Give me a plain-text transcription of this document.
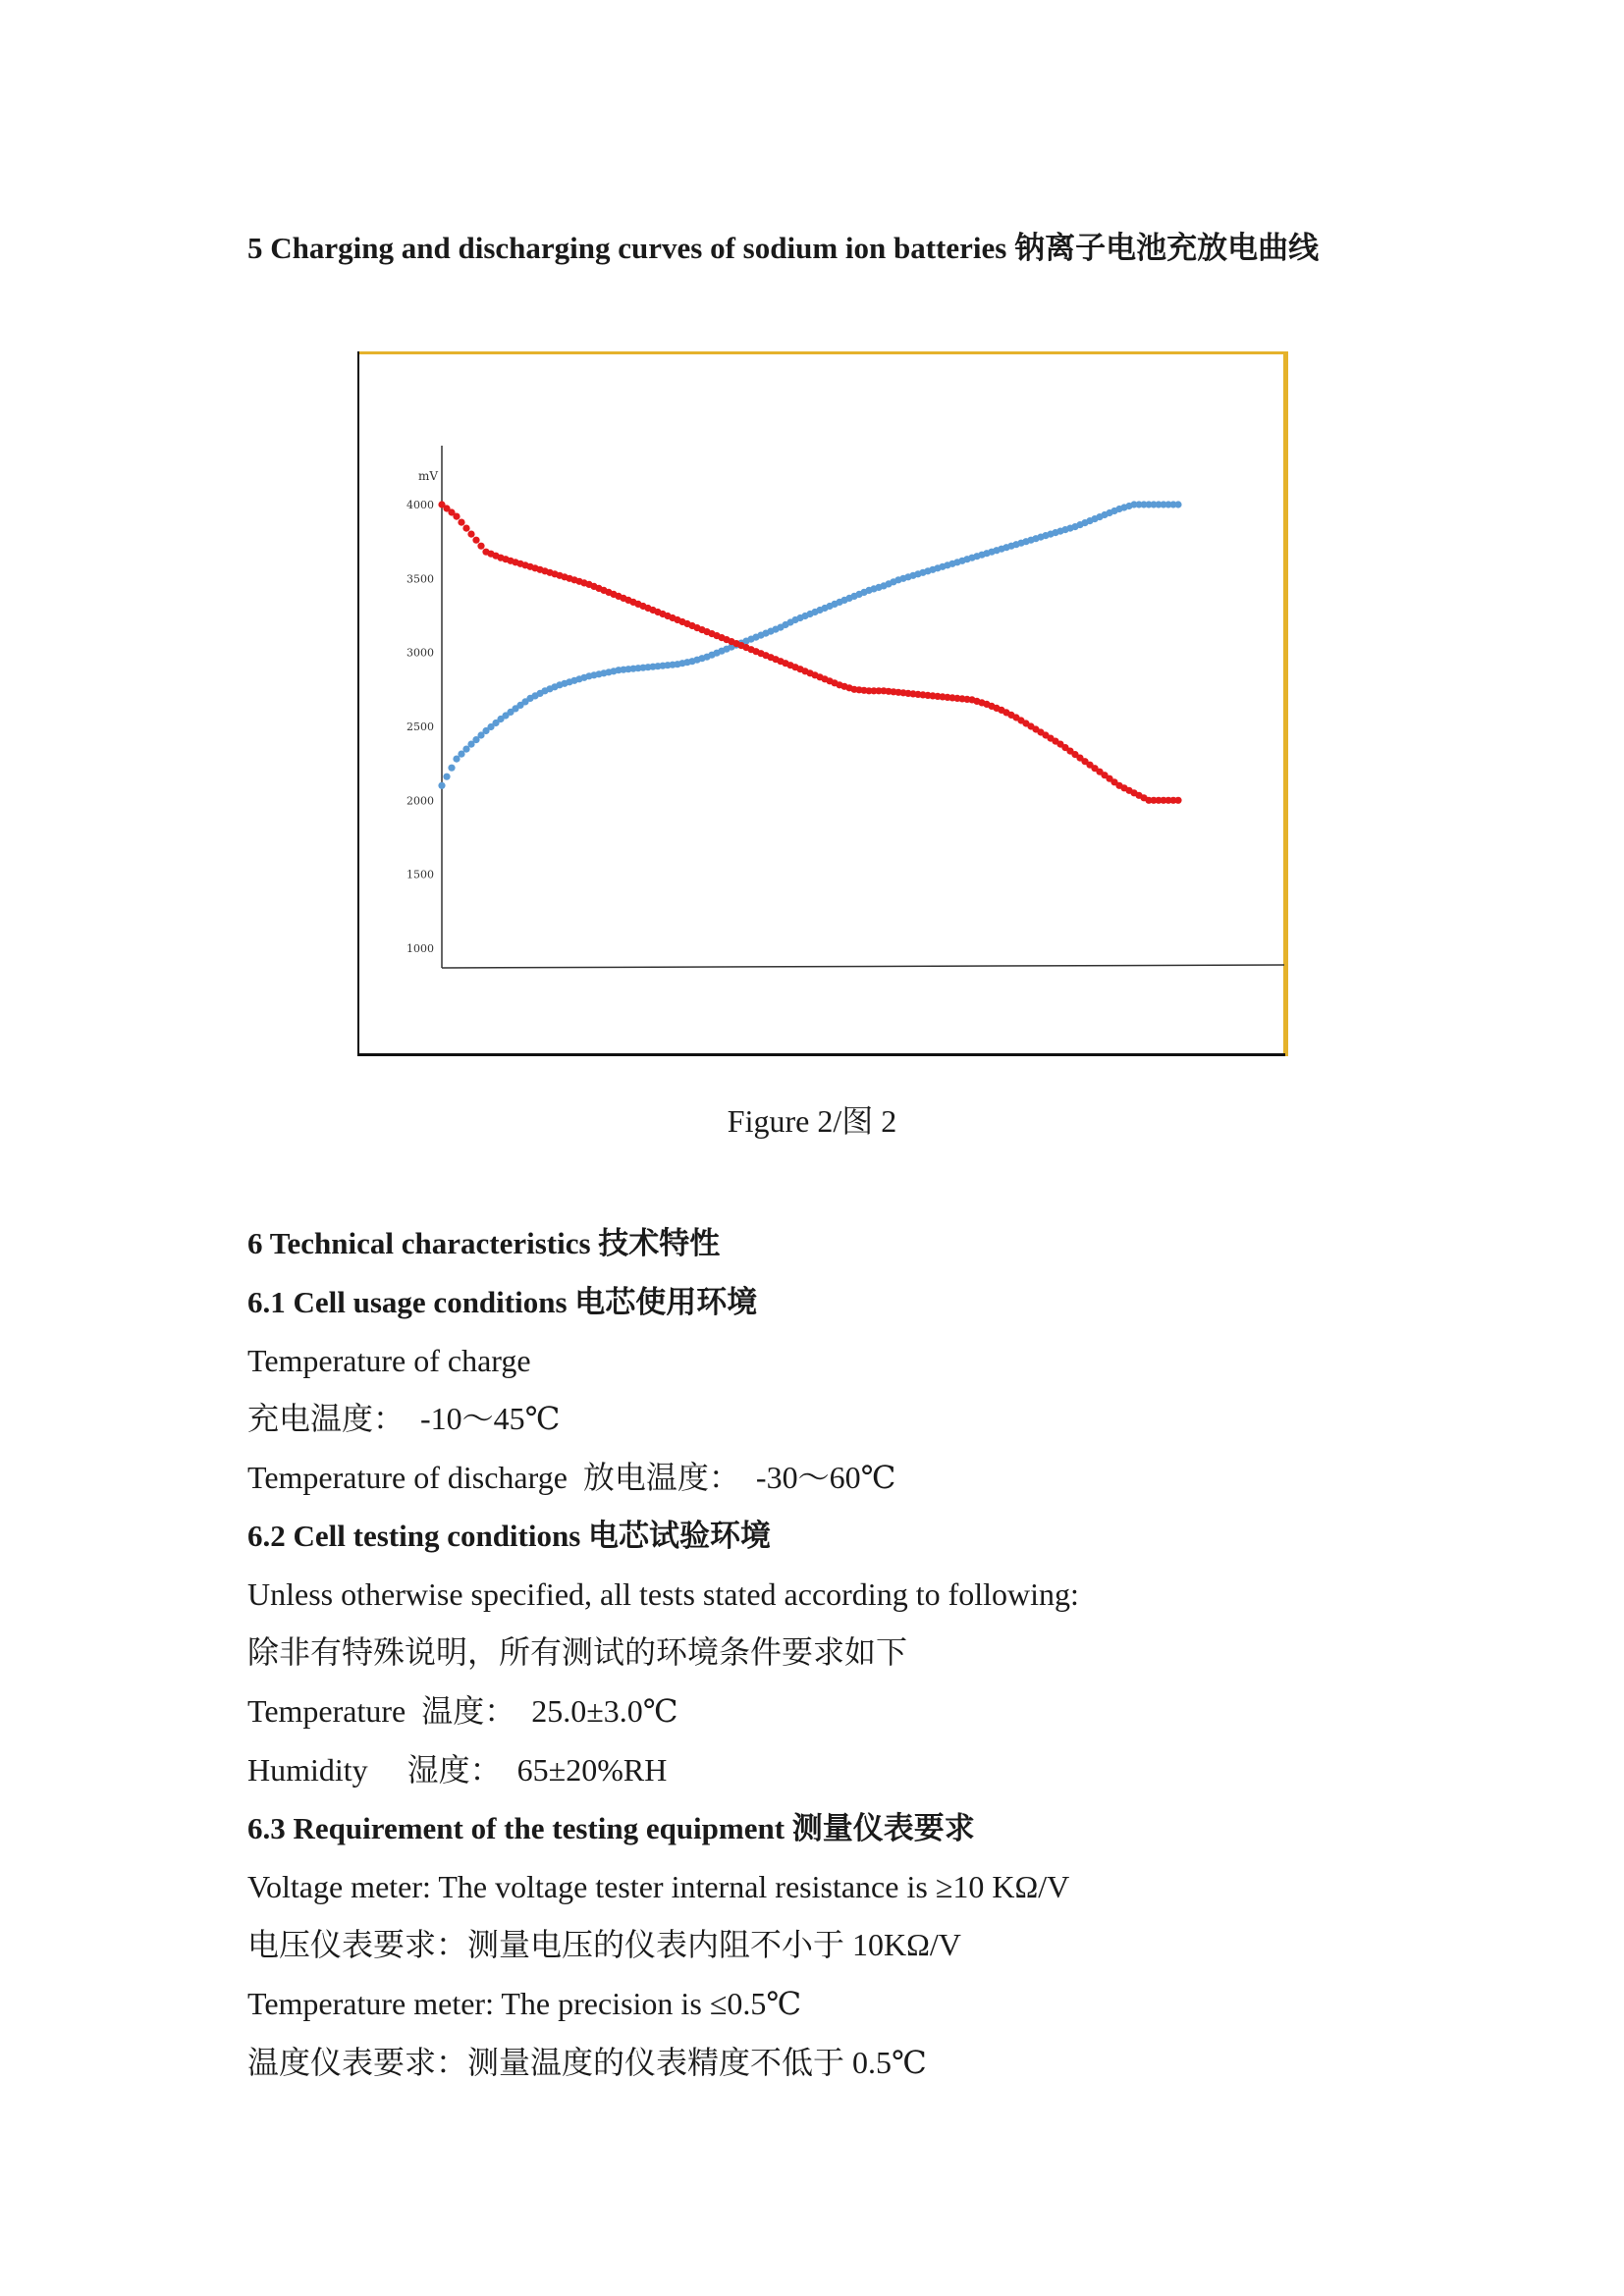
5 Charging and discharging curves of sodium ion batteries 钠离子电池充放电曲线
mV
4000
3500
3000
2500
2000
1500
1000
Figure 2/图 2
6 Technical characteristics 技术特性
6.1 Cell usage conditions 电芯使用环境
Temperature of charge
充电温度：  -10～45℃
Temperature of discharge  放电温度：  -30～60℃
6.2 Cell testing conditions 电芯试验环境
Unless otherwise specified, all tests stated according to following:
除非有特殊说明，所有测试的环境条件要求如下
Temperature  温度：  25.0±3.0℃
Humidity     湿度：  65±20%RH
6.3 Requirement of the testing equipment 测量仪表要求
Voltage meter: The voltage tester internal resistance is ≥10 KΩ/V
电压仪表要求：测量电压的仪表内阻不小于 10KΩ/V
Temperature meter: The precision is ≤0.5℃
温度仪表要求：测量温度的仪表精度不低于 0.5℃
